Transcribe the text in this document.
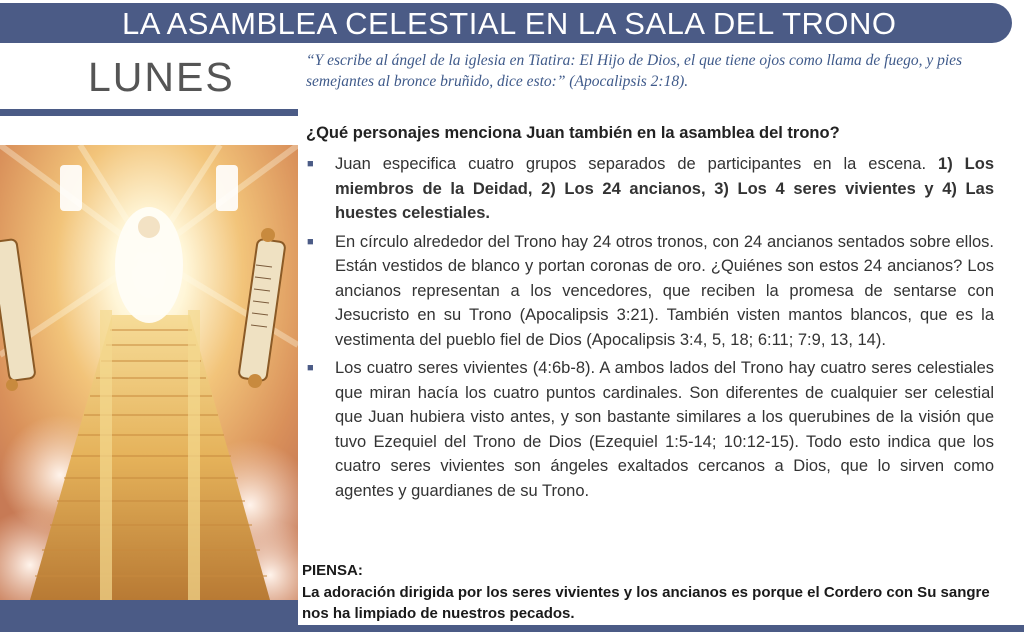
LA ASAMBLEA CELESTIAL EN LA SALA DEL TRONO
LUNES	“Y escribe al ángel de la iglesia en Tiatira: El Hijo de Dios, el que tiene ojos como llama de fuego, y pies semejantes al bronce bruñido, dice esto:” (Apocalipsis 2:18).
¿Qué personajes menciona Juan también en la asamblea del trono?
■ Juan especifica cuatro grupos separados de participantes en la escena. 1) Los miembros de la Deidad, 2) Los 24 ancianos, 3) Los 4 seres vivientes y 4) Las huestes celestiales.
■ En círculo alrededor del Trono hay 24 otros tronos, con 24 ancianos sentados sobre ellos. Están vestidos de blanco y portan coronas de oro. ¿Quiénes son estos 24 ancianos? Los ancianos representan a los vencedores, que reciben la promesa de sentarse con Jesucristo en su Trono (Apocalipsis 3:21). También visten mantos blancos, que es la vestimenta del pueblo fiel de Dios (Apocalipsis 3:4, 5, 18; 6:11; 7:9, 13, 14).
■ Los cuatro seres vivientes (4:6b-8). A ambos lados del Trono hay cuatro seres celestiales que miran hacía los cuatro puntos cardinales. Son diferentes de cualquier ser celestial que Juan hubiera visto antes, y son bastante similares a los querubines de la visión que tuvo Ezequiel del Trono de Dios (Ezequiel 1:5-14; 10:12-15). Todo esto indica que los cuatro seres vivientes son ángeles exaltados cercanos a Dios, que lo sirven como agentes y guardianes de su Trono.
PIENSA:
La adoración dirigida por los seres vivientes y los ancianos es porque el Cordero con Su sangre nos ha limpiado de nuestros pecados.
